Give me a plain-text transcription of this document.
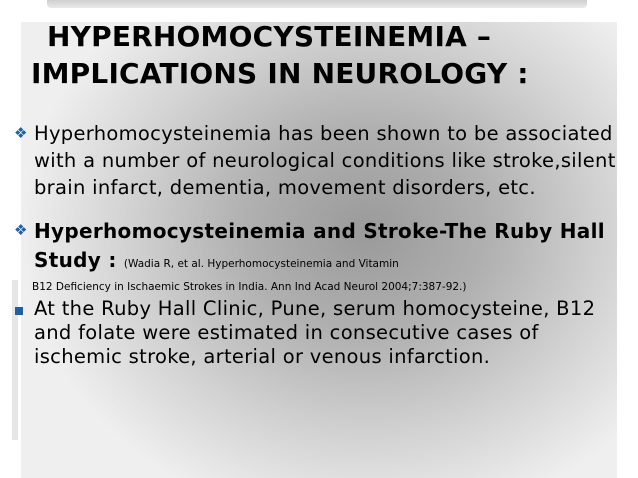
HYPERHOMOCYSTEINEMIA –
IMPLICATIONS IN NEUROLOGY :
❖ Hyperhomocysteinemia has been shown to be associated with a number of neurological conditions like stroke,silent brain infarct, dementia, movement disorders, etc.
❖ Hyperhomocysteinemia and Stroke-The Ruby Hall Study : (Wadia R, et al. Hyperhomocysteinemia and Vitamin
B12 Deficiency in Ischaemic Strokes in India. Ann Ind Acad Neurol 2004;7:387-92.)
At the Ruby Hall Clinic, Pune, serum homocysteine, B12 and folate were estimated in consecutive cases of ischemic stroke, arterial or venous infarction.
